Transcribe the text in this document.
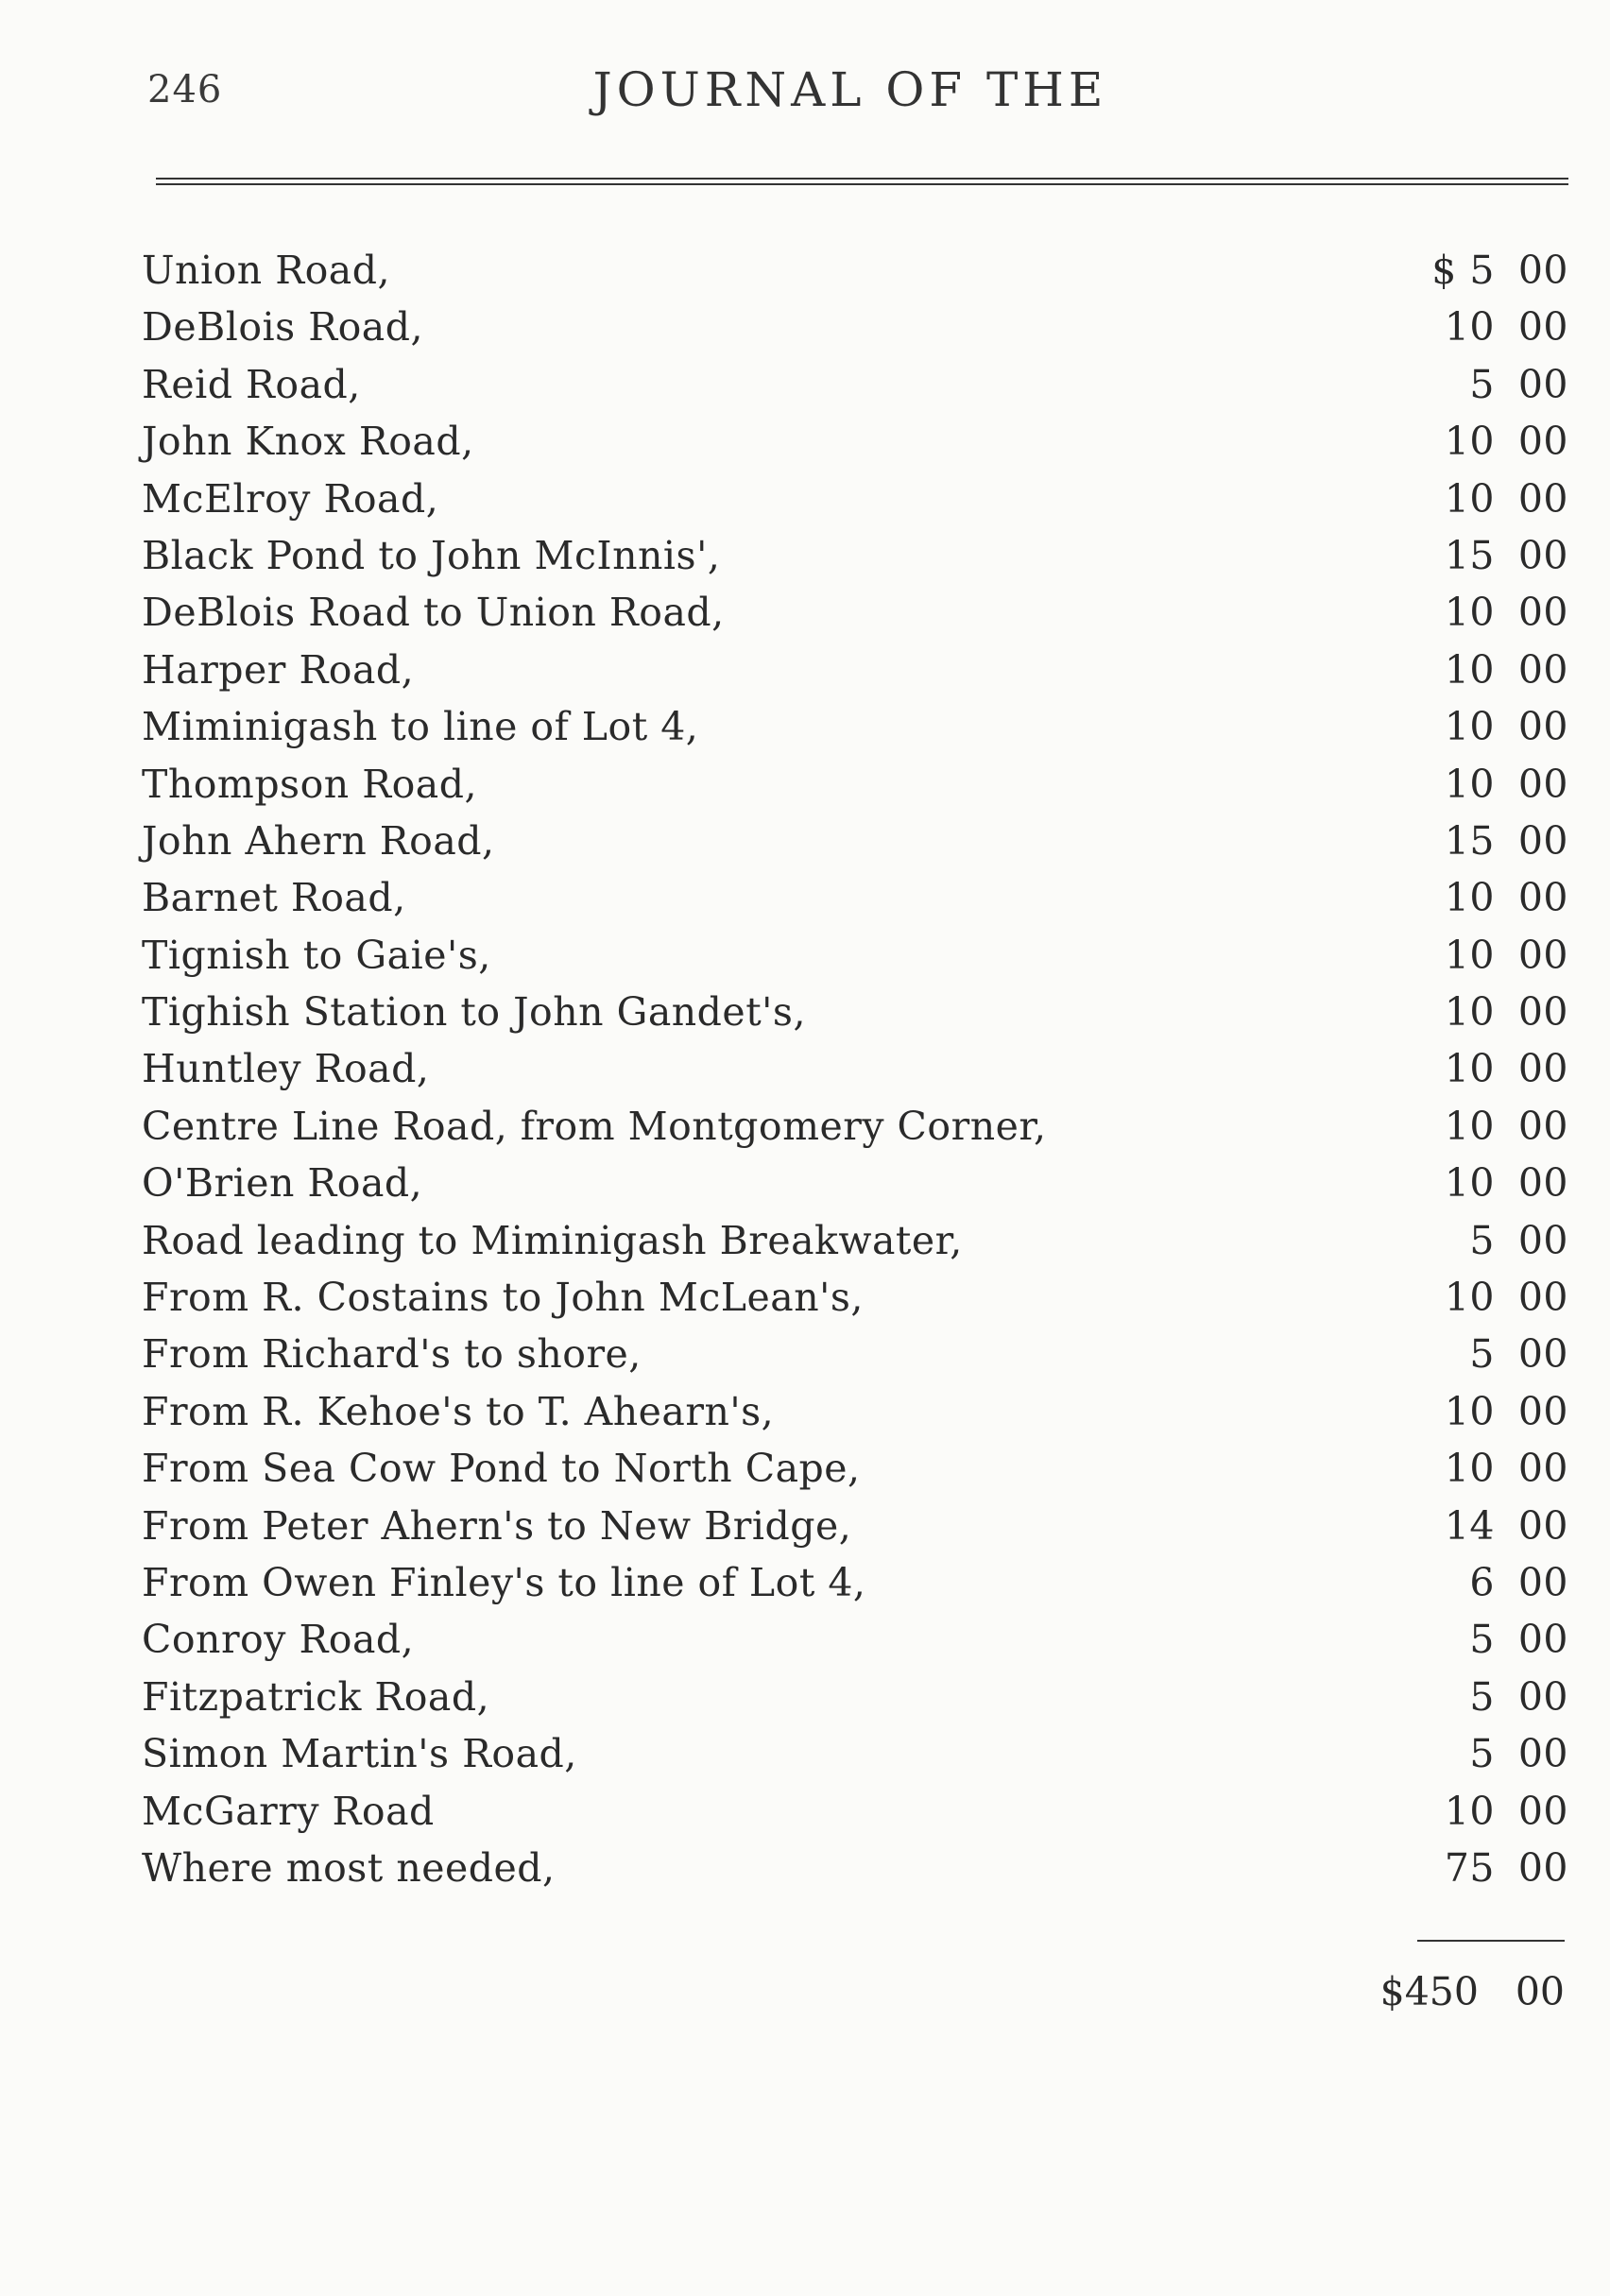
246	JOURNAL OF THE
Union Road,	$ 5 00
DeBlois Road,	10 00
Reid Road,	5 00
John Knox Road,	10 00
McElroy Road,	10 00
Black Pond to John McInnis',	15 00
DeBlois Road to Union Road,	10 00
Harper Road,	10 00
Miminigash to line of Lot 4,	10 00
Thompson Road,	10 00
John Ahern Road,	15 00
Barnet Road,	10 00
Tignish to Gaie's,	10 00
Tighish Station to John Gandet's,	10 00
Huntley Road,	10 00
Centre Line Road, from Montgomery Corner,	10 00
O'Brien Road,	10 00
Road leading to Miminigash Breakwater,	5 00
From R. Costains to John McLean's,	10 00
From Richard's to shore,	5 00
From R. Kehoe's to T. Ahearn's,	10 00
From Sea Cow Pond to North Cape,	10 00
From Peter Ahern's to New Bridge,	14 00
From Owen Finley's to line of Lot 4,	6 00
Conroy Road,	5 00
Fitzpatrick Road,	5 00
Simon Martin's Road,	5 00
McGarry Road	10 00
Where most needed,	75 00
$450 00
